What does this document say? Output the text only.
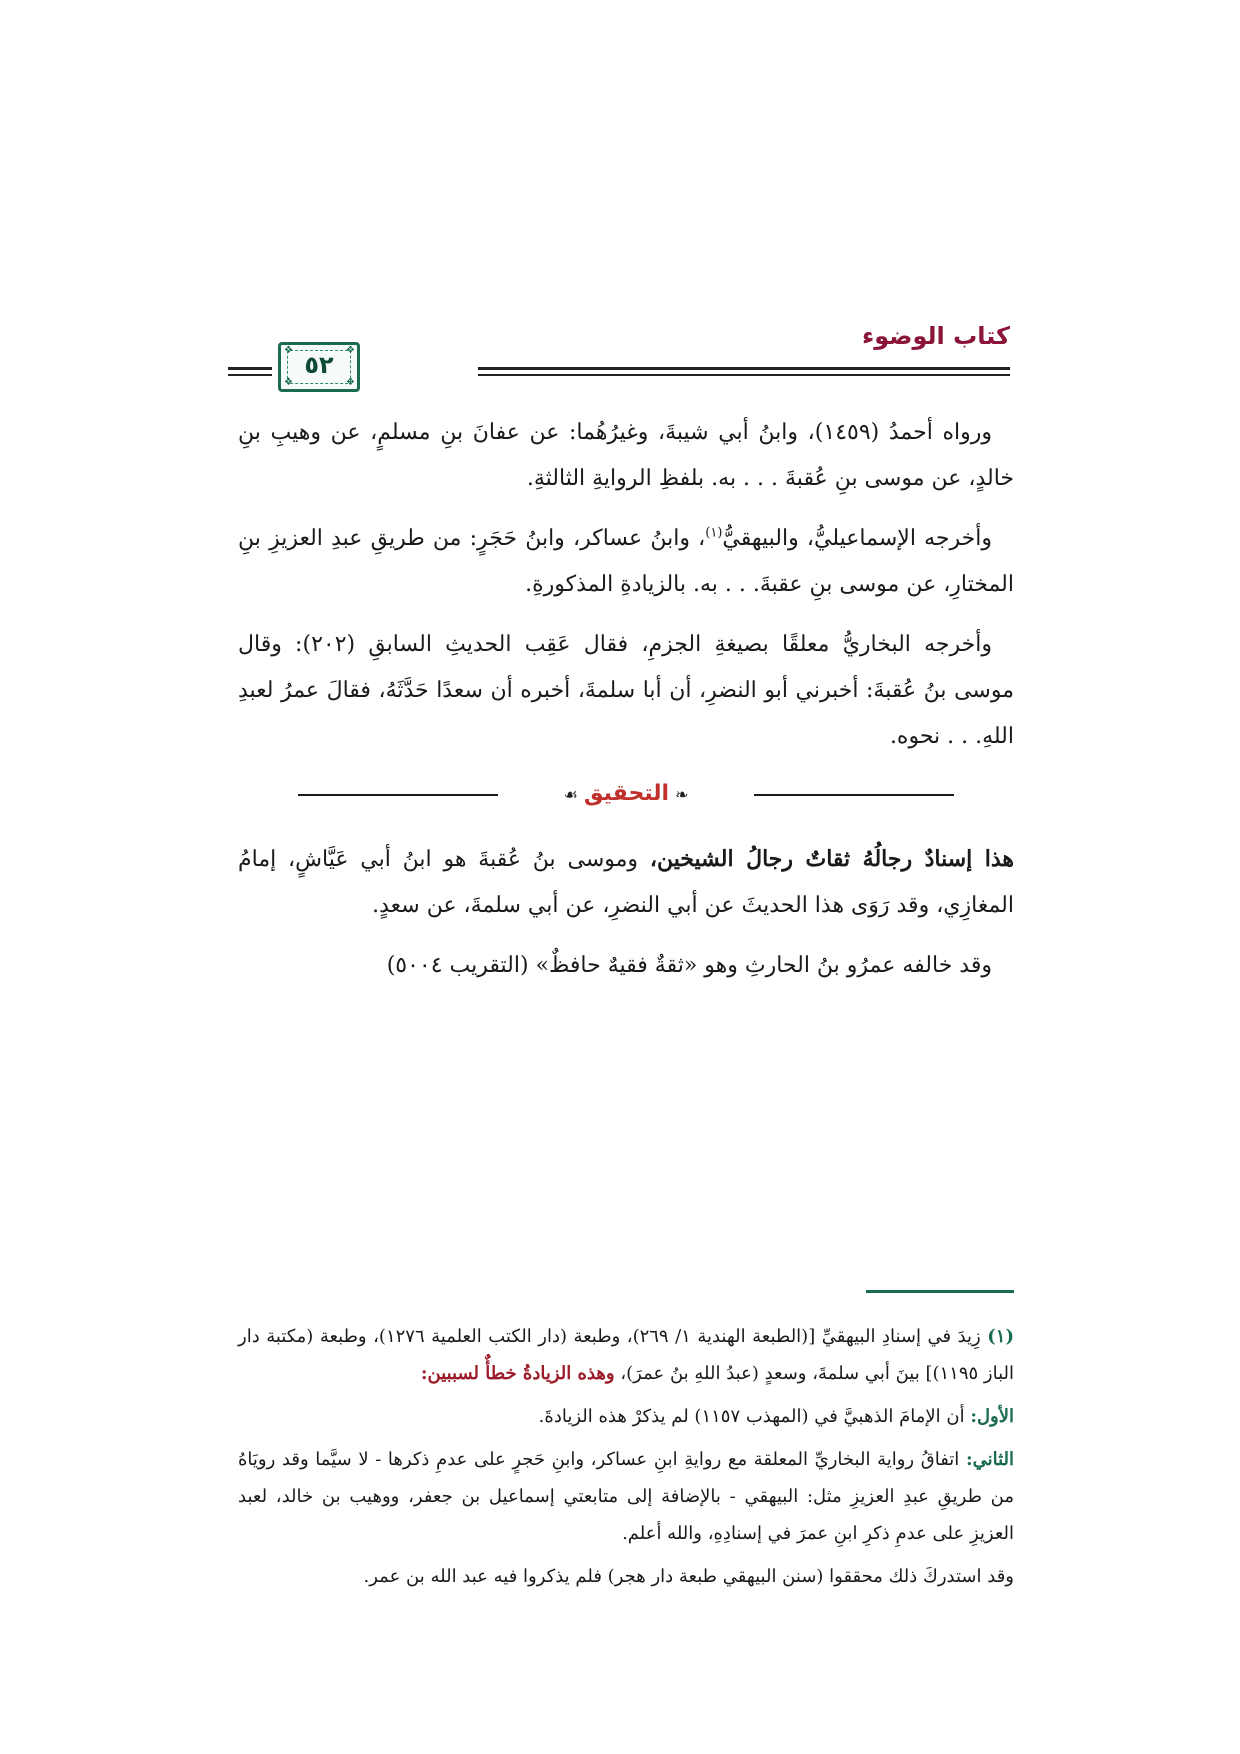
كتاب الوضوء
❖	❖
❖	❖
٥٢

ورواه أحمدُ (١٤٥٩)، وابنُ أبي شيبةَ، وغيرُهُما: عن عفانَ بنِ مسلمٍ، عن وهيبِ بنِ خالدٍ، عن موسى بنِ عُقبةَ . . . به. بلفظِ الروايةِ الثالثةِ.

وأخرجه الإسماعيليُّ، والبيهقيُّ$^{(١)}$، وابنُ عساكر، وابنُ حَجَرٍ: من طريقِ عبدِ العزيزِ بنِ المختارِ، عن موسى بنِ عقبةَ. . . به. بالزيادةِ المذكورةِ.

وأخرجه البخاريُّ معلقًا بصيغةِ الجزمِ، فقال عَقِب الحديثِ السابقِ (٢٠٢): وقال موسى بنُ عُقبةَ: أخبرني أبو النضرِ، أن أبا سلمةَ، أخبره أن سعدًا حَدَّثَهُ، فقالَ عمرُ لعبدِ اللهِ. . . نحوه.

❧التحقيق☙

هذا إسنادٌ رجالُهُ ثقاتٌ رجالُ الشيخين، وموسى بنُ عُقبةَ هو ابنُ أبي عَيَّاشٍ، إمامُ المغازِي، وقد رَوَى هذا الحديثَ عن أبي النضرِ، عن أبي سلمةَ، عن سعدٍ.

وقد خالفه عمرُو بنُ الحارثِ وهو «ثقةٌ فقيهٌ حافظٌ» (التقريب ٥٠٠٤)

(١) زِيدَ في إسنادِ البيهقيِّ [(الطبعة الهندية ١/ ٢٦٩)، وطبعة (دار الكتب العلمية ١٢٧٦)، وطبعة (مكتبة دار الباز ١١٩٥)] بينَ أبي سلمةَ، وسعدٍ (عبدُ اللهِ بنُ عمرَ)، وهذه الزيادةُ خطأٌ لسببين:

الأول: أن الإمامَ الذهبيَّ في (المهذب ١١٥٧) لم يذكرْ هذه الزيادةَ.

الثاني: اتفاقُ رواية البخاريِّ المعلقة مع روايةِ ابنِ عساكر، وابنِ حَجرٍ على عدمِ ذكرها - لا سيَّما وقد رويَاهُ من طريقِ عبدِ العزيزِ مثل: البيهقي - بالإضافة إلى متابعتي إسماعيل بن جعفر، ووهيب بن خالد، لعبد العزيزِ على عدمِ ذكرِ ابنِ عمرَ في إسنادِهِ، والله أعلم.

وقد استدركَ ذلك محققوا (سنن البيهقي طبعة دار هجر) فلم يذكروا فيه عبد الله بن عمر.
